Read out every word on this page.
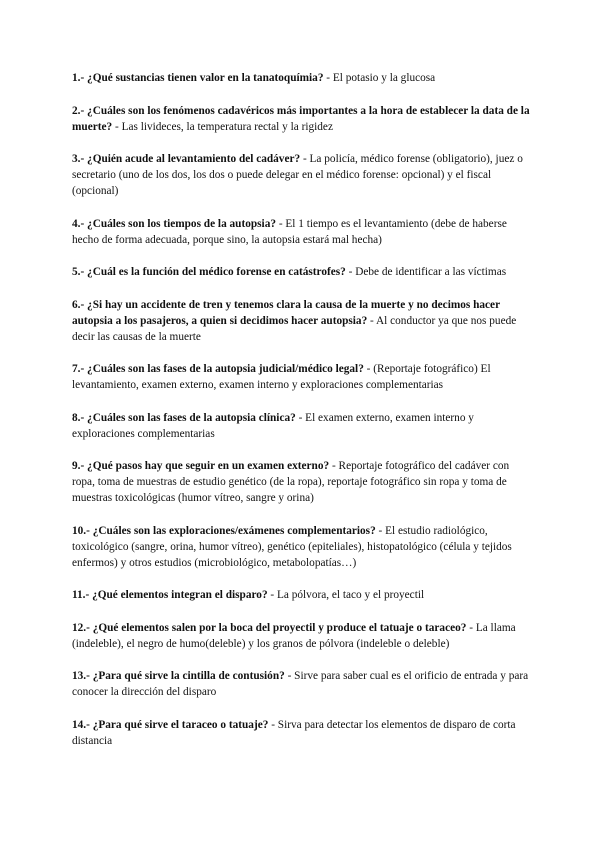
1.- ¿Qué sustancias tienen valor en la tanatoquímia? - El potasio y la glucosa

2.- ¿Cuáles son los fenómenos cadavéricos más importantes a la hora de establecer la data de la muerte? - Las livideces, la temperatura rectal y la rigidez

3.- ¿Quién acude al levantamiento del cadáver? - La policía, médico forense (obligatorio), juez o secretario (uno de los dos, los dos o puede delegar en el médico forense: opcional) y el fiscal (opcional)

4.- ¿Cuáles son los tiempos de la autopsia? - El 1 tiempo es el levantamiento (debe de haberse hecho de forma adecuada, porque sino, la autopsia estará mal hecha)

5.- ¿Cuál es la función del médico forense en catástrofes? - Debe de identificar a las víctimas

6.- ¿Si hay un accidente de tren y tenemos clara la causa de la muerte y no decimos hacer autopsia a los pasajeros, a quien si decidimos hacer autopsia? - Al conductor ya que nos puede decir las causas de la muerte

7.- ¿Cuáles son las fases de la autopsia judicial/médico legal? - (Reportaje fotográfico) El levantamiento, examen externo, examen interno y exploraciones complementarias

8.- ¿Cuáles son las fases de la autopsia clínica? - El examen externo, examen interno y exploraciones complementarias

9.- ¿Qué pasos hay que seguir en un examen externo? - Reportaje fotográfico del cadáver con ropa, toma de muestras de estudio genético (de la ropa), reportaje fotográfico sin ropa y toma de muestras toxicológicas (humor vítreo, sangre y orina)

10.- ¿Cuáles son las exploraciones/exámenes complementarios? - El estudio radiológico, toxicológico (sangre, orina, humor vítreo), genético (epiteliales), histopatológico (célula y tejidos enfermos) y otros estudios (microbiológico, metabolopatías…)

11.- ¿Qué elementos integran el disparo? - La pólvora, el taco y el proyectil

12.- ¿Qué elementos salen por la boca del proyectil y produce el tatuaje o taraceo? - La llama (indeleble), el negro de humo(deleble) y los granos de pólvora (indeleble o deleble)

13.- ¿Para qué sirve la cintilla de contusión? - Sirve para saber cual es el orificio de entrada y para conocer la dirección del disparo

14.- ¿Para qué sirve el taraceo o tatuaje? - Sirva para detectar los elementos de disparo de corta distancia
